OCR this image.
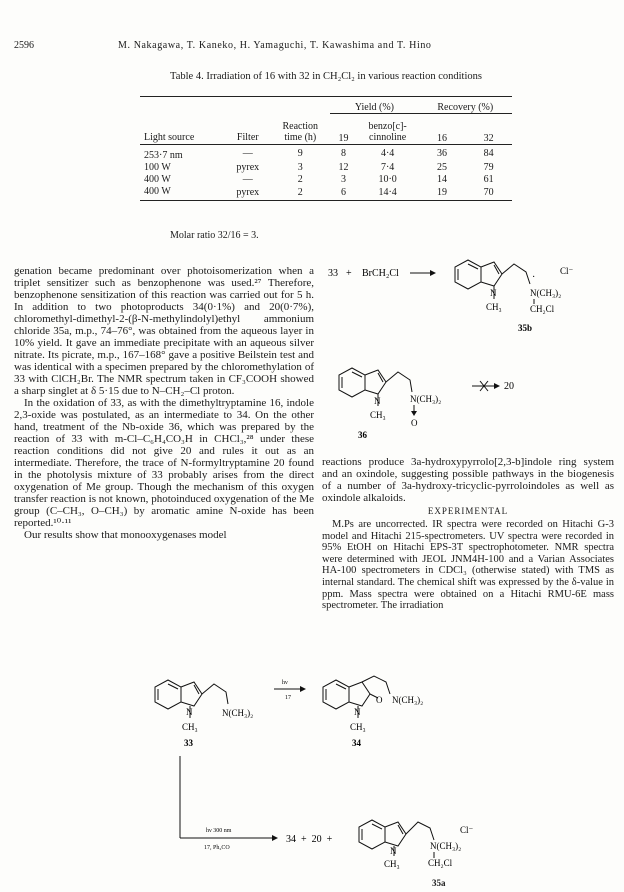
2596	M. Nakagawa, T. Kaneko, H. Yamaguchi, T. Kawashima and T. Hino
Table 4. Irradiation of 16 with 32 in CH₂Cl₂ in various reaction conditions
			Yield (%)		Recovery (%)	
Light source	Filter	Reaction time (h)	19	benzo[c]-cinnoline	16	32
253·7 nm	—	9	8	4·4	36	84
100 W	pyrex	3	12	7·4	25	79
400 W	—	2	3	10·0	14	61
400 W	pyrex	2	6	14·4	19	70
Molar ratio 32/16 = 3.

genation became predominant over photoisomerization when a triplet sensitizer such as benzophenone was used.²⁷ Therefore, benzophenone sensitization of this reaction was carried out for 5 h. In addition to two photoproducts 34(0·1%) and 20(0·7%), chloromethyl-dimethyl-2-(β-N-methylindolyl)ethyl ammonium chloride 35a, m.p., 74–76°, was obtained from the aqueous layer in 10% yield. It gave an immediate precipitate with an aqueous silver nitrate. Its picrate, m.p., 167–168° gave a positive Beilstein test and was identical with a specimen prepared by the chloromethylation of 33 with ClCH₂Br. The NMR spectrum taken in CF₃COOH showed a sharp singlet at δ 5·15 due to N–CH₂–Cl proton.

In the oxidation of 33, as with the dimethyltryptamine 16, indole 2,3-oxide was postulated, as an intermediate to 34. On the other hand, treatment of the Nb-oxide 36, which was prepared by the reaction of 33 with m-Cl–C₆H₄CO₃H in CHCl₃,²⁸ under these reaction conditions did not give 20 and rules it out as an intermediate. Therefore, the trace of N-formyltryptamine 20 found in the photolysis mixture of 33 probably arises from the direct oxygenation of Me group. Though the mechanism of this oxygen transfer reaction is not known, photoinduced oxygenation of the Me group (C–CH₃, O–CH₃) by aromatic amine N-oxide has been reported.¹⁰·¹¹

Our results show that monooxygenases model

reactions produce 3a-hydroxypyrrolo[2,3-b]indole ring system and an oxindole, suggesting possible pathways in the biogenesis of a number of 3a-hydroxy-tricyclic-pyrroloindoles as well as oxindole alkaloids.

EXPERIMENTAL

M.Ps are uncorrected. IR spectra were recorded on Hitachi G-3 model and Hitachi 215-spectrometers. UV spectra were recorded in 95% EtOH on Hitachi EPS-3T spectrophotometer. NMR spectra were determined with JEOL JNM4H-100 and a Varian Associates HA-100 spectrometers in CDCl₃ (otherwise stated) with TMS as internal standard. The chemical shift was expressed by the δ-value in ppm. Mass spectra were obtained on a Hitachi RMU-6E mass spectrometer. The irradiation

33 + BrCH₂Cl
N
CH₃
·
N(CH₃)₂
Cl⁻
CH₂Cl
35b
N
CH₃
N(CH₃)₂
O
20
36
N
CH₃
N(CH₃)₂
33
hν
17
N
O N(CH₃)₂
CH₃
34
hν 300 nm
17, Ph₂CO
34  +  20  +
N
CH₃
N(CH₃)₂
Cl⁻
CH₂Cl
35a
